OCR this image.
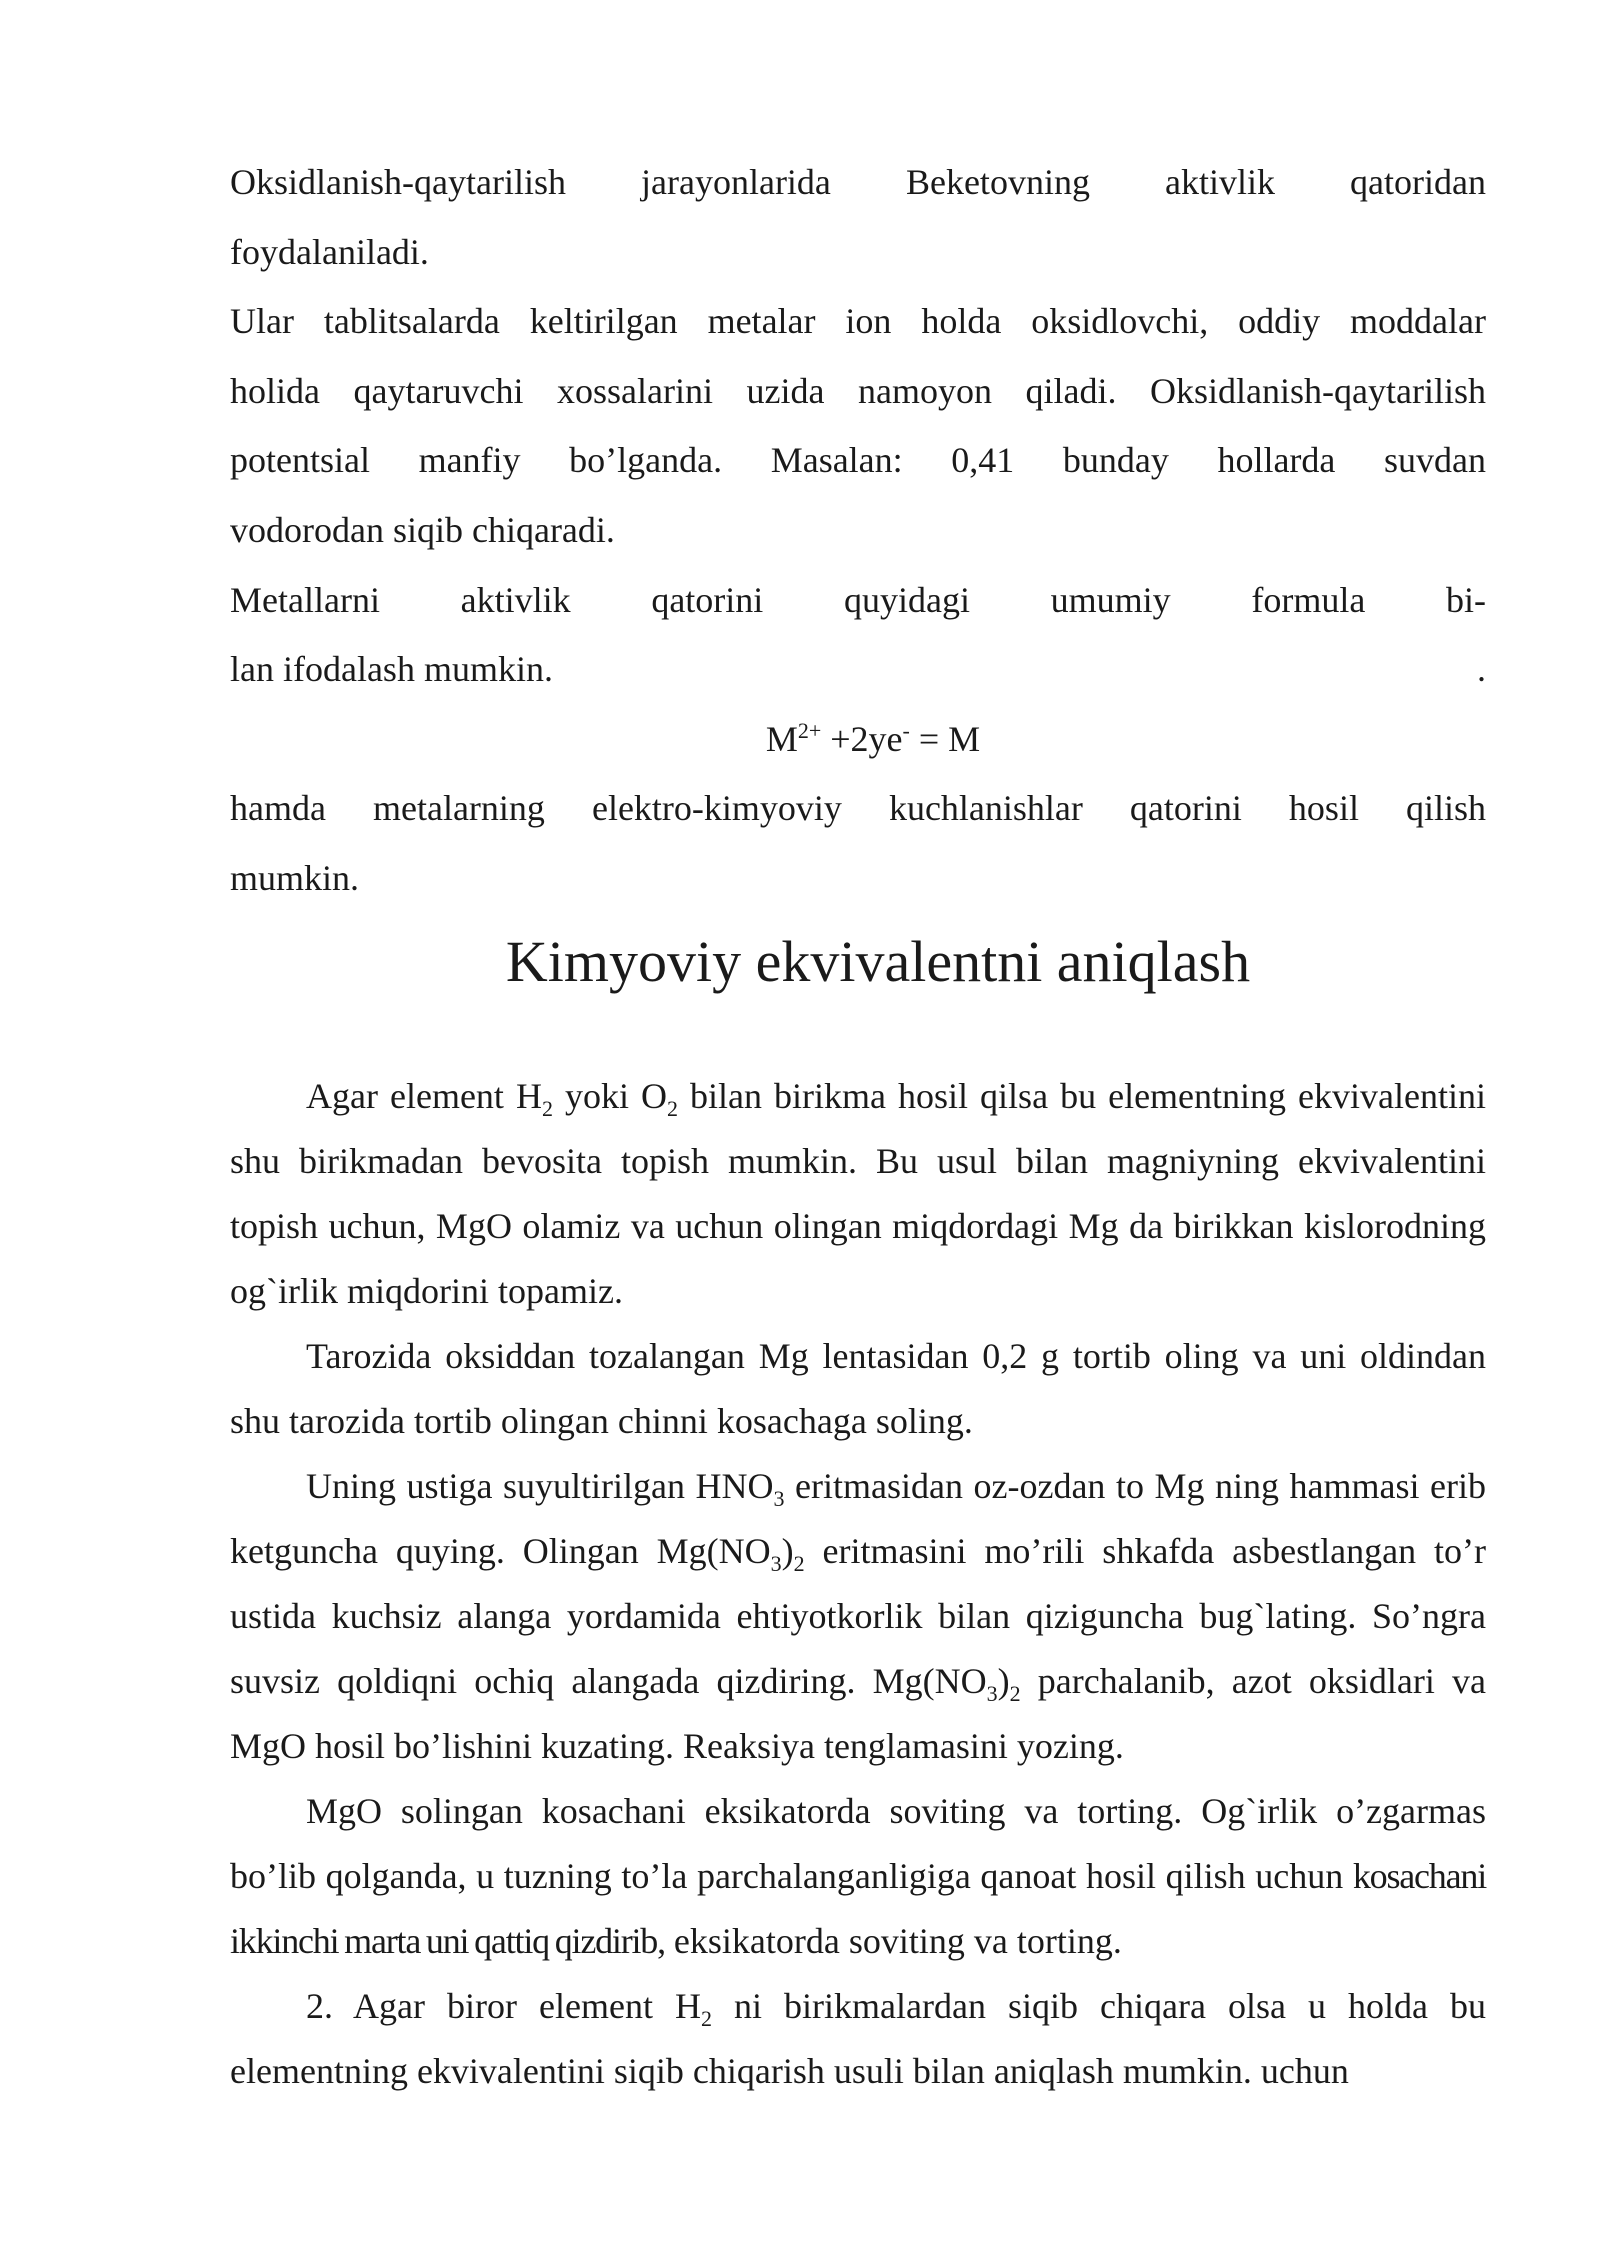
Oksidlanish-qaytarilish jarayonlarida Beketovning aktivlik qatoridan

foydalaniladi.

Ular tablitsalarda keltirilgan metalar ion holda oksidlovchi, oddiy moddalar

holida qaytaruvchi xossalarini uzida namoyon qiladi. Oksidlanish-qaytarilish

potentsial manfiy bo’lganda. Masalan: 0,41 bunday hollarda suvdan

vodorodan siqib chiqaradi.

Metallarni aktivlik qatorini quyidagi umumiy formula bi-

lan ifodalash mumkin.	.

$M^{2+} +2ye^- = M$

hamda metalarning elektro-kimyoviy kuchlanishlar qatorini hosil qilish

mumkin.

Kimyoviy ekvivalentni aniqlash

Agar element $H_2$ yoki $O_2$ bilan birikma hosil qilsa bu elementning ekvivalentini shu birikmadan bevosita topish mumkin. Bu usul bilan magniyning ekvivalentini topish uchun, MgO olamiz va uchun olingan miqdordagi Mg da birikkan kislorodning og`irlik miqdorini topamiz.

Tarozida oksiddan tozalangan Mg lentasidan 0,2 g tortib oling va uni oldindan shu tarozida tortib olingan chinni kosachaga soling.

Uning ustiga suyultirilgan $HNO_3$ eritmasidan oz-ozdan to Mg ning hammasi erib ketguncha quying. Olingan $Mg(NO_3)_2$ eritmasini mo’rili shkafda asbestlangan to’r ustida kuchsiz alanga yordamida ehtiyotkorlik bilan qiziguncha bug`lating. So’ngra suvsiz qoldiqni ochiq alangada qizdiring. $Mg(NO_3)_2$ parchalanib, azot oksidlari va MgO hosil bo’lishini kuzating. Reaksiya tenglamasini yozing.

MgO solingan kosachani eksikatorda soviting va torting. Og`irlik o’zgarmas bo’lib qolganda, u tuzning to’la parchalanganligiga qanoat hosil qilish uchun kosachani ikkinchi marta uni qattiq qizdirib, eksikatorda soviting va torting.

2. Agar biror element $H_2$ ni birikmalardan siqib chiqara olsa u holda bu elementning ekvivalentini siqib chiqarish usuli bilan aniqlash mumkin. uchun
